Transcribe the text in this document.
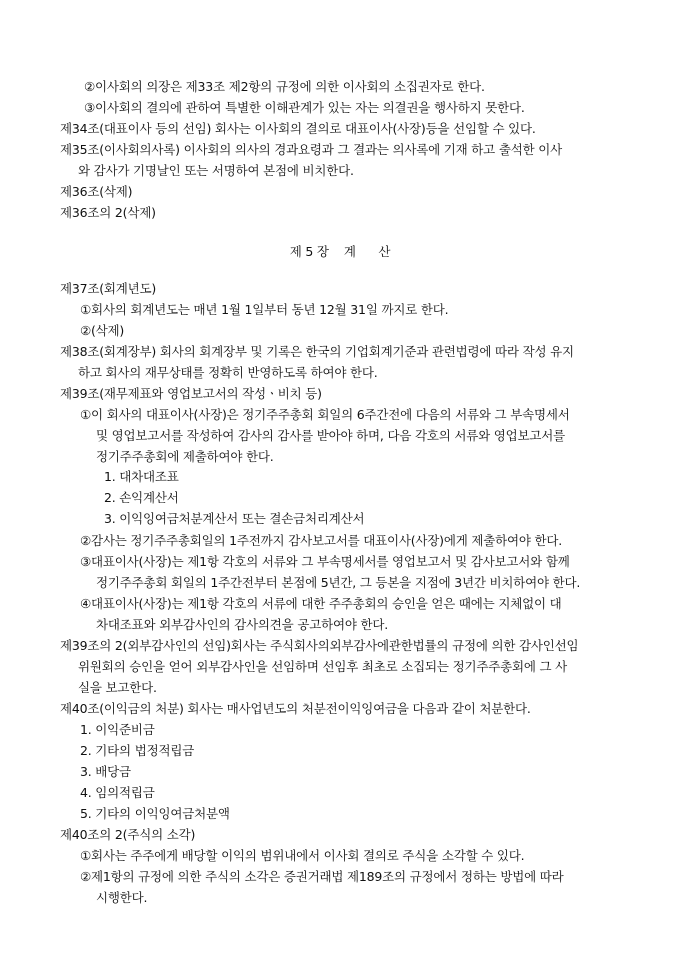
②이사회의 의장은 제33조 제2항의 규정에 의한 이사회의 소집권자로 한다.
③이사회의 결의에 관하여 특별한 이해관계가 있는 자는 의결권을 행사하지 못한다.
제34조(대표이사 등의 선임) 회사는 이사회의 결의로 대표이사(사장)등을 선임할 수 있다.
제35조(이사회의사록) 이사회의 의사의 경과요령과 그 결과는 의사록에 기재 하고 출석한 이사
와 감사가 기명날인 또는 서명하여 본점에 비치한다.
제36조(삭제)
제36조의 2(삭제)
제 5 장    계      산
제37조(회계년도)
①회사의 회계년도는 매년 1월 1일부터 동년 12월 31일 까지로 한다.
②(삭제)
제38조(회계장부) 회사의 회계장부 및 기록은 한국의 기업회계기준과 관련법령에 따라 작성 유지
하고 회사의 재무상태를 정확히 반영하도록 하여야 한다.
제39조(재무제표와 영업보고서의 작성ㆍ비치 등)
①이 회사의 대표이사(사장)은 정기주주총회 회일의 6주간전에 다음의 서류와 그 부속명세서
및 영업보고서를 작성하여 감사의 감사를 받아야 하며, 다음 각호의 서류와 영업보고서를
정기주주총회에 제출하여야 한다.
1. 대차대조표
2. 손익계산서
3. 이익잉여금처분계산서 또는 결손금처리계산서
②감사는 정기주주총회일의 1주전까지 감사보고서를 대표이사(사장)에게 제출하여야 한다.
③대표이사(사장)는 제1항 각호의 서류와 그 부속명세서를 영업보고서 및 감사보고서와 함께
정기주주총회 회일의 1주간전부터 본점에 5년간, 그 등본을 지점에 3년간 비치하여야 한다.
④대표이사(사장)는 제1항 각호의 서류에 대한 주주총회의 승인을 얻은 때에는 지체없이 대
차대조표와 외부감사인의 감사의견을 공고하여야 한다.
제39조의 2(외부감사인의 선임)회사는 주식회사의외부감사에관한법률의 규정에 의한 감사인선임
위원회의 승인을 얻어 외부감사인을 선임하며 선임후 최초로 소집되는 정기주주총회에 그 사
실을 보고한다.
제40조(이익금의 처분) 회사는 매사업년도의 처분전이익잉여금을 다음과 같이 처분한다.
1. 이익준비금
2. 기타의 법정적립금
3. 배당금
4. 임의적립금
5. 기타의 이익잉여금처분액
제40조의 2(주식의 소각)
①회사는 주주에게 배당할 이익의 범위내에서 이사회 결의로 주식을 소각할 수 있다.
②제1항의 규정에 의한 주식의 소각은 증권거래법 제189조의 규정에서 정하는 방법에 따라
시행한다.
